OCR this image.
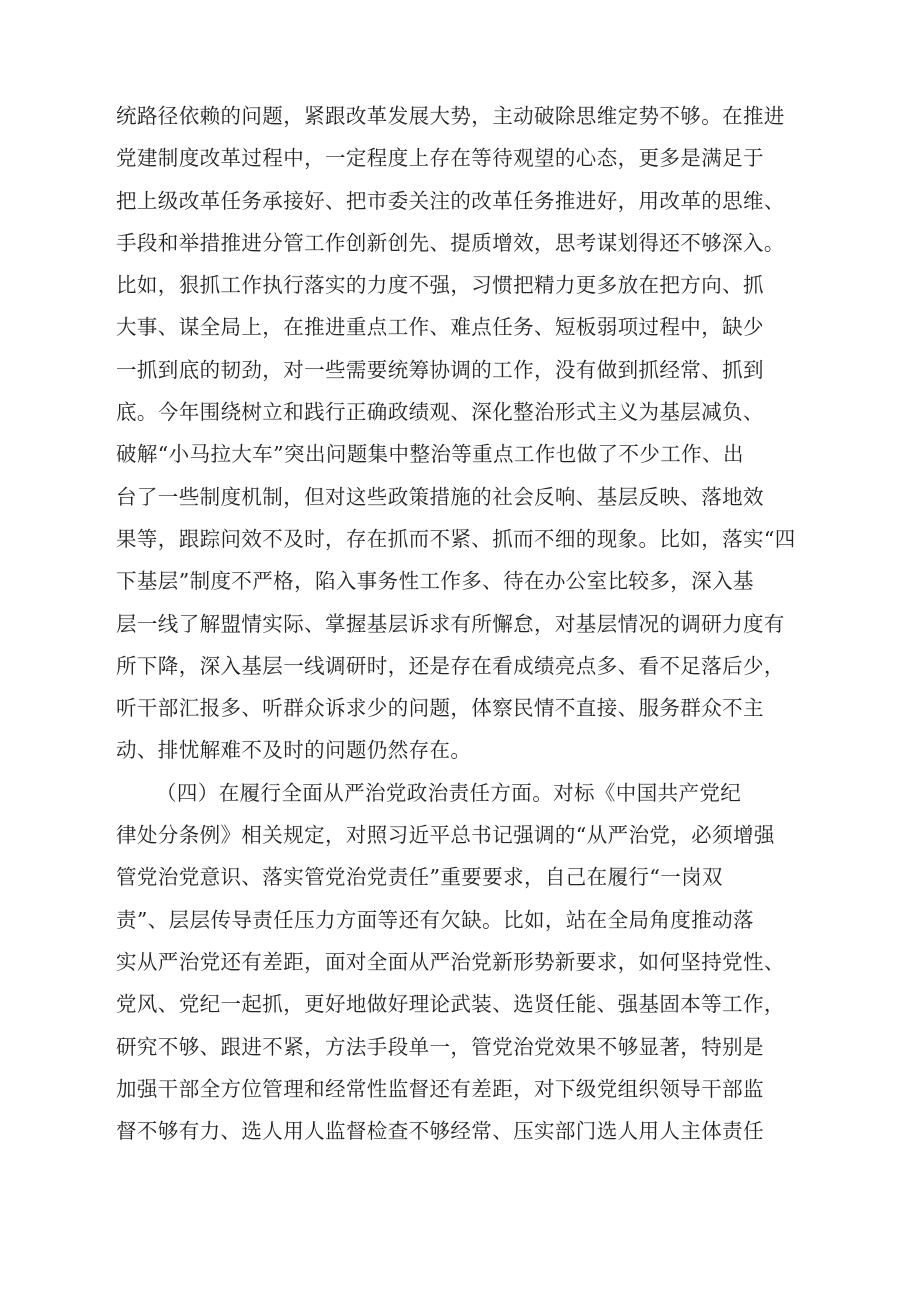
统路径依赖的问题，紧跟改革发展大势，主动破除思维定势不够。在推进
党建制度改革过程中，一定程度上存在等待观望的心态，更多是满足于
把上级改革任务承接好、把市委关注的改革任务推进好，用改革的思维、
手段和举措推进分管工作创新创先、提质增效，思考谋划得还不够深入。
比如，狠抓工作执行落实的力度不强，习惯把精力更多放在把方向、抓
大事、谋全局上，在推进重点工作、难点任务、短板弱项过程中，缺少
一抓到底的韧劲，对一些需要统筹协调的工作，没有做到抓经常、抓到
底。今年围绕树立和践行正确政绩观、深化整治形式主义为基层减负、
破解“小马拉大车”突出问题集中整治等重点工作也做了不少工作、出
台了一些制度机制，但对这些政策措施的社会反响、基层反映、落地效
果等，跟踪问效不及时，存在抓而不紧、抓而不细的现象。比如，落实“四
下基层”制度不严格，陷入事务性工作多、待在办公室比较多，深入基
层一线了解盟情实际、掌握基层诉求有所懈怠，对基层情况的调研力度有
所下降，深入基层一线调研时，还是存在看成绩亮点多、看不足落后少，
听干部汇报多、听群众诉求少的问题，体察民情不直接、服务群众不主
动、排忧解难不及时的问题仍然存在。
（四）在履行全面从严治党政治责任方面。对标《中国共产党纪
律处分条例》相关规定，对照习近平总书记强调的“从严治党，必须增强
管党治党意识、落实管党治党责任”重要要求，自己在履行“一岗双
责”、层层传导责任压力方面等还有欠缺。比如，站在全局角度推动落
实从严治党还有差距，面对全面从严治党新形势新要求，如何坚持党性、
党风、党纪一起抓，更好地做好理论武装、选贤任能、强基固本等工作，
研究不够、跟进不紧，方法手段单一，管党治党效果不够显著，特别是
加强干部全方位管理和经常性监督还有差距，对下级党组织领导干部监
督不够有力、选人用人监督检查不够经常、压实部门选人用人主体责任
